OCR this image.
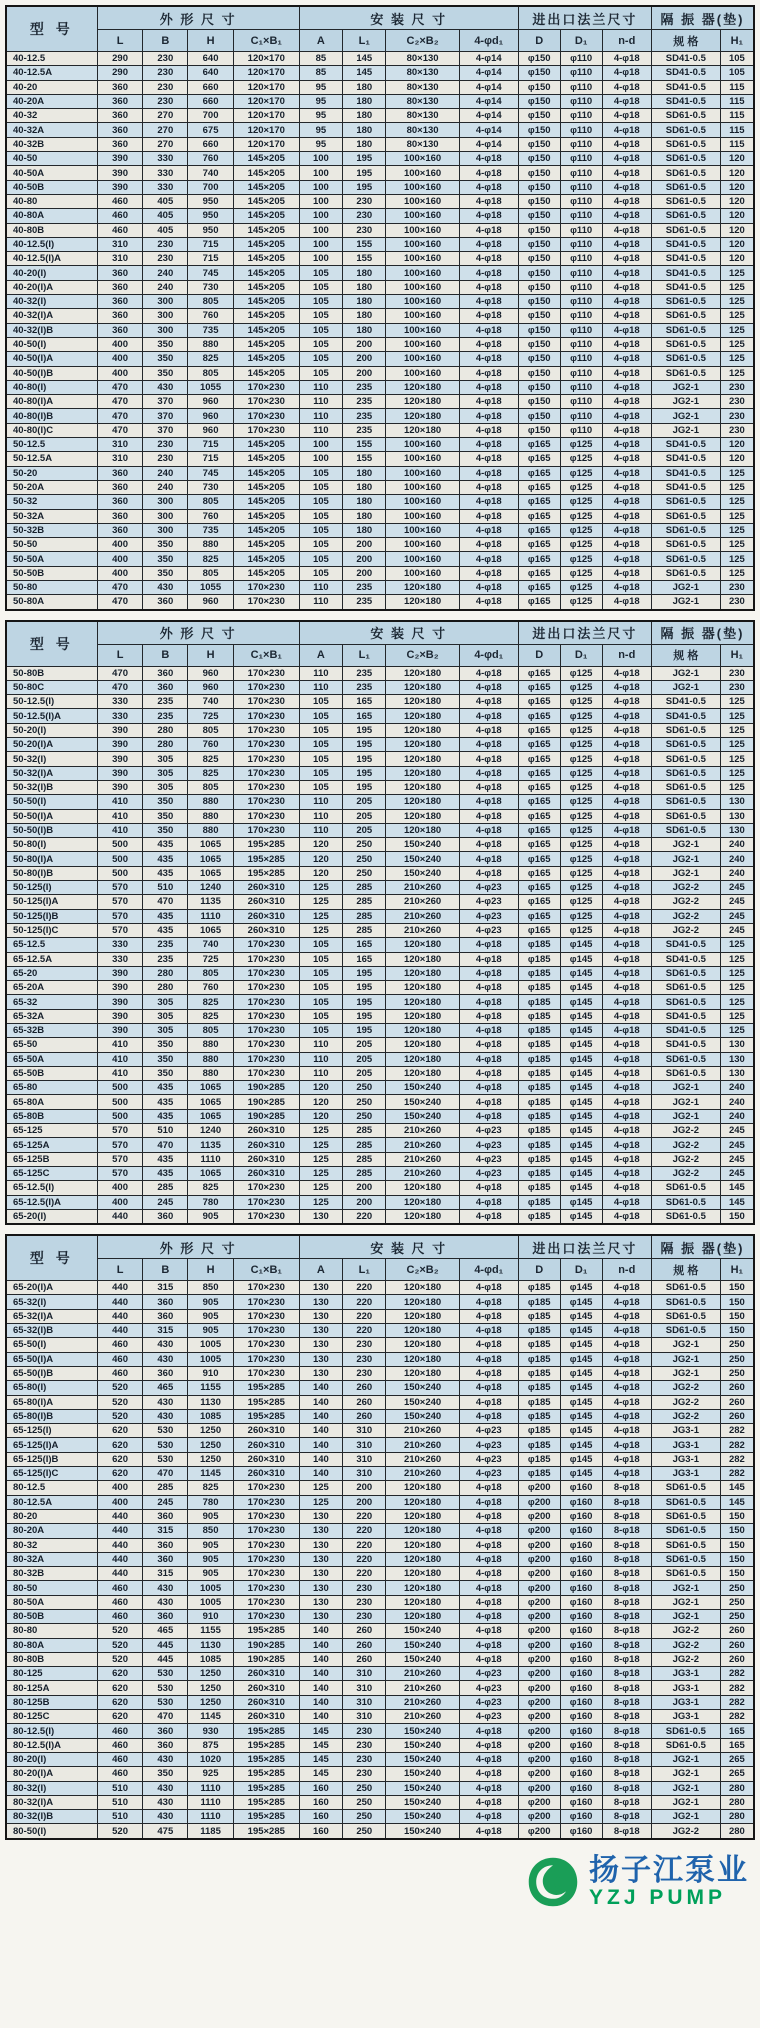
型 号	外 形 尺 寸				安 装 尺 寸				进出口法兰尺寸			隔 振 器(垫)	
	L	B	H	C₁×B₁	A	L₁	C₂×B₂	4-φd₁	D	D₁	n-d	规 格	H₁
40-12.5	290	230	640	120×170	85	145	80×130	4-φ14	φ150	φ110	4-φ18	SD41-0.5	105
40-12.5A	290	230	640	120×170	85	145	80×130	4-φ14	φ150	φ110	4-φ18	SD41-0.5	105
40-20	360	230	660	120×170	95	180	80×130	4-φ14	φ150	φ110	4-φ18	SD41-0.5	115
40-20A	360	230	660	120×170	95	180	80×130	4-φ14	φ150	φ110	4-φ18	SD41-0.5	115
40-32	360	270	700	120×170	95	180	80×130	4-φ14	φ150	φ110	4-φ18	SD61-0.5	115
40-32A	360	270	675	120×170	95	180	80×130	4-φ14	φ150	φ110	4-φ18	SD61-0.5	115
40-32B	360	270	660	120×170	95	180	80×130	4-φ14	φ150	φ110	4-φ18	SD61-0.5	115
40-50	390	330	760	145×205	100	195	100×160	4-φ18	φ150	φ110	4-φ18	SD61-0.5	120
40-50A	390	330	740	145×205	100	195	100×160	4-φ18	φ150	φ110	4-φ18	SD61-0.5	120
40-50B	390	330	700	145×205	100	195	100×160	4-φ18	φ150	φ110	4-φ18	SD61-0.5	120
40-80	460	405	950	145×205	100	230	100×160	4-φ18	φ150	φ110	4-φ18	SD61-0.5	120
40-80A	460	405	950	145×205	100	230	100×160	4-φ18	φ150	φ110	4-φ18	SD61-0.5	120
40-80B	460	405	950	145×205	100	230	100×160	4-φ18	φ150	φ110	4-φ18	SD61-0.5	120
40-12.5(I)	310	230	715	145×205	100	155	100×160	4-φ18	φ150	φ110	4-φ18	SD41-0.5	120
40-12.5(I)A	310	230	715	145×205	100	155	100×160	4-φ18	φ150	φ110	4-φ18	SD41-0.5	120
40-20(I)	360	240	745	145×205	105	180	100×160	4-φ18	φ150	φ110	4-φ18	SD41-0.5	125
40-20(I)A	360	240	730	145×205	105	180	100×160	4-φ18	φ150	φ110	4-φ18	SD41-0.5	125
40-32(I)	360	300	805	145×205	105	180	100×160	4-φ18	φ150	φ110	4-φ18	SD61-0.5	125
40-32(I)A	360	300	760	145×205	105	180	100×160	4-φ18	φ150	φ110	4-φ18	SD61-0.5	125
40-32(I)B	360	300	735	145×205	105	180	100×160	4-φ18	φ150	φ110	4-φ18	SD61-0.5	125
40-50(I)	400	350	880	145×205	105	200	100×160	4-φ18	φ150	φ110	4-φ18	SD61-0.5	125
40-50(I)A	400	350	825	145×205	105	200	100×160	4-φ18	φ150	φ110	4-φ18	SD61-0.5	125
40-50(I)B	400	350	805	145×205	105	200	100×160	4-φ18	φ150	φ110	4-φ18	SD61-0.5	125
40-80(I)	470	430	1055	170×230	110	235	120×180	4-φ18	φ150	φ110	4-φ18	JG2-1	230
40-80(I)A	470	370	960	170×230	110	235	120×180	4-φ18	φ150	φ110	4-φ18	JG2-1	230
40-80(I)B	470	370	960	170×230	110	235	120×180	4-φ18	φ150	φ110	4-φ18	JG2-1	230
40-80(I)C	470	370	960	170×230	110	235	120×180	4-φ18	φ150	φ110	4-φ18	JG2-1	230
50-12.5	310	230	715	145×205	100	155	100×160	4-φ18	φ165	φ125	4-φ18	SD41-0.5	120
50-12.5A	310	230	715	145×205	100	155	100×160	4-φ18	φ165	φ125	4-φ18	SD41-0.5	120
50-20	360	240	745	145×205	105	180	100×160	4-φ18	φ165	φ125	4-φ18	SD41-0.5	125
50-20A	360	240	730	145×205	105	180	100×160	4-φ18	φ165	φ125	4-φ18	SD41-0.5	125
50-32	360	300	805	145×205	105	180	100×160	4-φ18	φ165	φ125	4-φ18	SD61-0.5	125
50-32A	360	300	760	145×205	105	180	100×160	4-φ18	φ165	φ125	4-φ18	SD61-0.5	125
50-32B	360	300	735	145×205	105	180	100×160	4-φ18	φ165	φ125	4-φ18	SD61-0.5	125
50-50	400	350	880	145×205	105	200	100×160	4-φ18	φ165	φ125	4-φ18	SD61-0.5	125
50-50A	400	350	825	145×205	105	200	100×160	4-φ18	φ165	φ125	4-φ18	SD61-0.5	125
50-50B	400	350	805	145×205	105	200	100×160	4-φ18	φ165	φ125	4-φ18	SD61-0.5	125
50-80	470	430	1055	170×230	110	235	120×180	4-φ18	φ165	φ125	4-φ18	JG2-1	230
50-80A	470	360	960	170×230	110	235	120×180	4-φ18	φ165	φ125	4-φ18	JG2-1	230
型 号	外 形 尺 寸				安 装 尺 寸				进出口法兰尺寸			隔 振 器(垫)	
	L	B	H	C₁×B₁	A	L₁	C₂×B₂	4-φd₁	D	D₁	n-d	规 格	H₁
50-80B	470	360	960	170×230	110	235	120×180	4-φ18	φ165	φ125	4-φ18	JG2-1	230
50-80C	470	360	960	170×230	110	235	120×180	4-φ18	φ165	φ125	4-φ18	JG2-1	230
50-12.5(I)	330	235	740	170×230	105	165	120×180	4-φ18	φ165	φ125	4-φ18	SD41-0.5	125
50-12.5(I)A	330	235	725	170×230	105	165	120×180	4-φ18	φ165	φ125	4-φ18	SD41-0.5	125
50-20(I)	390	280	805	170×230	105	195	120×180	4-φ18	φ165	φ125	4-φ18	SD61-0.5	125
50-20(I)A	390	280	760	170×230	105	195	120×180	4-φ18	φ165	φ125	4-φ18	SD61-0.5	125
50-32(I)	390	305	825	170×230	105	195	120×180	4-φ18	φ165	φ125	4-φ18	SD61-0.5	125
50-32(I)A	390	305	825	170×230	105	195	120×180	4-φ18	φ165	φ125	4-φ18	SD61-0.5	125
50-32(I)B	390	305	805	170×230	105	195	120×180	4-φ18	φ165	φ125	4-φ18	SD61-0.5	125
50-50(I)	410	350	880	170×230	110	205	120×180	4-φ18	φ165	φ125	4-φ18	SD61-0.5	130
50-50(I)A	410	350	880	170×230	110	205	120×180	4-φ18	φ165	φ125	4-φ18	SD61-0.5	130
50-50(I)B	410	350	880	170×230	110	205	120×180	4-φ18	φ165	φ125	4-φ18	SD61-0.5	130
50-80(I)	500	435	1065	195×285	120	250	150×240	4-φ18	φ165	φ125	4-φ18	JG2-1	240
50-80(I)A	500	435	1065	195×285	120	250	150×240	4-φ18	φ165	φ125	4-φ18	JG2-1	240
50-80(I)B	500	435	1065	195×285	120	250	150×240	4-φ18	φ165	φ125	4-φ18	JG2-1	240
50-125(I)	570	510	1240	260×310	125	285	210×260	4-φ23	φ165	φ125	4-φ18	JG2-2	245
50-125(I)A	570	470	1135	260×310	125	285	210×260	4-φ23	φ165	φ125	4-φ18	JG2-2	245
50-125(I)B	570	435	1110	260×310	125	285	210×260	4-φ23	φ165	φ125	4-φ18	JG2-2	245
50-125(I)C	570	435	1065	260×310	125	285	210×260	4-φ23	φ165	φ125	4-φ18	JG2-2	245
65-12.5	330	235	740	170×230	105	165	120×180	4-φ18	φ185	φ145	4-φ18	SD41-0.5	125
65-12.5A	330	235	725	170×230	105	165	120×180	4-φ18	φ185	φ145	4-φ18	SD41-0.5	125
65-20	390	280	805	170×230	105	195	120×180	4-φ18	φ185	φ145	4-φ18	SD61-0.5	125
65-20A	390	280	760	170×230	105	195	120×180	4-φ18	φ185	φ145	4-φ18	SD61-0.5	125
65-32	390	305	825	170×230	105	195	120×180	4-φ18	φ185	φ145	4-φ18	SD61-0.5	125
65-32A	390	305	825	170×230	105	195	120×180	4-φ18	φ185	φ145	4-φ18	SD41-0.5	125
65-32B	390	305	805	170×230	105	195	120×180	4-φ18	φ185	φ145	4-φ18	SD41-0.5	125
65-50	410	350	880	170×230	110	205	120×180	4-φ18	φ185	φ145	4-φ18	SD41-0.5	130
65-50A	410	350	880	170×230	110	205	120×180	4-φ18	φ185	φ145	4-φ18	SD61-0.5	130
65-50B	410	350	880	170×230	110	205	120×180	4-φ18	φ185	φ145	4-φ18	SD61-0.5	130
65-80	500	435	1065	190×285	120	250	150×240	4-φ18	φ185	φ145	4-φ18	JG2-1	240
65-80A	500	435	1065	190×285	120	250	150×240	4-φ18	φ185	φ145	4-φ18	JG2-1	240
65-80B	500	435	1065	190×285	120	250	150×240	4-φ18	φ185	φ145	4-φ18	JG2-1	240
65-125	570	510	1240	260×310	125	285	210×260	4-φ23	φ185	φ145	4-φ18	JG2-2	245
65-125A	570	470	1135	260×310	125	285	210×260	4-φ23	φ185	φ145	4-φ18	JG2-2	245
65-125B	570	435	1110	260×310	125	285	210×260	4-φ23	φ185	φ145	4-φ18	JG2-2	245
65-125C	570	435	1065	260×310	125	285	210×260	4-φ23	φ185	φ145	4-φ18	JG2-2	245
65-12.5(I)	400	285	825	170×230	125	200	120×180	4-φ18	φ185	φ145	4-φ18	SD61-0.5	145
65-12.5(I)A	400	245	780	170×230	125	200	120×180	4-φ18	φ185	φ145	4-φ18	SD61-0.5	145
65-20(I)	440	360	905	170×230	130	220	120×180	4-φ18	φ185	φ145	4-φ18	SD61-0.5	150
型 号	外 形 尺 寸				安 装 尺 寸				进出口法兰尺寸			隔 振 器(垫)	
	L	B	H	C₁×B₁	A	L₁	C₂×B₂	4-φd₁	D	D₁	n-d	规 格	H₁
65-20(I)A	440	315	850	170×230	130	220	120×180	4-φ18	φ185	φ145	4-φ18	SD61-0.5	150
65-32(I)	440	360	905	170×230	130	220	120×180	4-φ18	φ185	φ145	4-φ18	SD61-0.5	150
65-32(I)A	440	360	905	170×230	130	220	120×180	4-φ18	φ185	φ145	4-φ18	SD61-0.5	150
65-32(I)B	440	315	905	170×230	130	220	120×180	4-φ18	φ185	φ145	4-φ18	SD61-0.5	150
65-50(I)	460	430	1005	170×230	130	230	120×180	4-φ18	φ185	φ145	4-φ18	JG2-1	250
65-50(I)A	460	430	1005	170×230	130	230	120×180	4-φ18	φ185	φ145	4-φ18	JG2-1	250
65-50(I)B	460	360	910	170×230	130	230	120×180	4-φ18	φ185	φ145	4-φ18	JG2-1	250
65-80(I)	520	465	1155	195×285	140	260	150×240	4-φ18	φ185	φ145	4-φ18	JG2-2	260
65-80(I)A	520	430	1130	195×285	140	260	150×240	4-φ18	φ185	φ145	4-φ18	JG2-2	260
65-80(I)B	520	430	1085	195×285	140	260	150×240	4-φ18	φ185	φ145	4-φ18	JG2-2	260
65-125(I)	620	530	1250	260×310	140	310	210×260	4-φ23	φ185	φ145	4-φ18	JG3-1	282
65-125(I)A	620	530	1250	260×310	140	310	210×260	4-φ23	φ185	φ145	4-φ18	JG3-1	282
65-125(I)B	620	530	1250	260×310	140	310	210×260	4-φ23	φ185	φ145	4-φ18	JG3-1	282
65-125(I)C	620	470	1145	260×310	140	310	210×260	4-φ23	φ185	φ145	4-φ18	JG3-1	282
80-12.5	400	285	825	170×230	125	200	120×180	4-φ18	φ200	φ160	8-φ18	SD61-0.5	145
80-12.5A	400	245	780	170×230	125	200	120×180	4-φ18	φ200	φ160	8-φ18	SD61-0.5	145
80-20	440	360	905	170×230	130	220	120×180	4-φ18	φ200	φ160	8-φ18	SD61-0.5	150
80-20A	440	315	850	170×230	130	220	120×180	4-φ18	φ200	φ160	8-φ18	SD61-0.5	150
80-32	440	360	905	170×230	130	220	120×180	4-φ18	φ200	φ160	8-φ18	SD61-0.5	150
80-32A	440	360	905	170×230	130	220	120×180	4-φ18	φ200	φ160	8-φ18	SD61-0.5	150
80-32B	440	315	905	170×230	130	220	120×180	4-φ18	φ200	φ160	8-φ18	SD61-0.5	150
80-50	460	430	1005	170×230	130	230	120×180	4-φ18	φ200	φ160	8-φ18	JG2-1	250
80-50A	460	430	1005	170×230	130	230	120×180	4-φ18	φ200	φ160	8-φ18	JG2-1	250
80-50B	460	360	910	170×230	130	230	120×180	4-φ18	φ200	φ160	8-φ18	JG2-1	250
80-80	520	465	1155	195×285	140	260	150×240	4-φ18	φ200	φ160	8-φ18	JG2-2	260
80-80A	520	445	1130	190×285	140	260	150×240	4-φ18	φ200	φ160	8-φ18	JG2-2	260
80-80B	520	445	1085	190×285	140	260	150×240	4-φ18	φ200	φ160	8-φ18	JG2-2	260
80-125	620	530	1250	260×310	140	310	210×260	4-φ23	φ200	φ160	8-φ18	JG3-1	282
80-125A	620	530	1250	260×310	140	310	210×260	4-φ23	φ200	φ160	8-φ18	JG3-1	282
80-125B	620	530	1250	260×310	140	310	210×260	4-φ23	φ200	φ160	8-φ18	JG3-1	282
80-125C	620	470	1145	260×310	140	310	210×260	4-φ23	φ200	φ160	8-φ18	JG3-1	282
80-12.5(I)	460	360	930	195×285	145	230	150×240	4-φ18	φ200	φ160	8-φ18	SD61-0.5	165
80-12.5(I)A	460	360	875	195×285	145	230	150×240	4-φ18	φ200	φ160	8-φ18	SD61-0.5	165
80-20(I)	460	430	1020	195×285	145	230	150×240	4-φ18	φ200	φ160	8-φ18	JG2-1	265
80-20(I)A	460	350	925	195×285	145	230	150×240	4-φ18	φ200	φ160	8-φ18	JG2-1	265
80-32(I)	510	430	1110	195×285	160	250	150×240	4-φ18	φ200	φ160	8-φ18	JG2-1	280
80-32(I)A	510	430	1110	195×285	160	250	150×240	4-φ18	φ200	φ160	8-φ18	JG2-1	280
80-32(I)B	510	430	1110	195×285	160	250	150×240	4-φ18	φ200	φ160	8-φ18	JG2-1	280
80-50(I)	520	475	1185	195×285	160	250	150×240	4-φ18	φ200	φ160	8-φ18	JG2-2	280
扬子江泵业
YZJ PUMP
